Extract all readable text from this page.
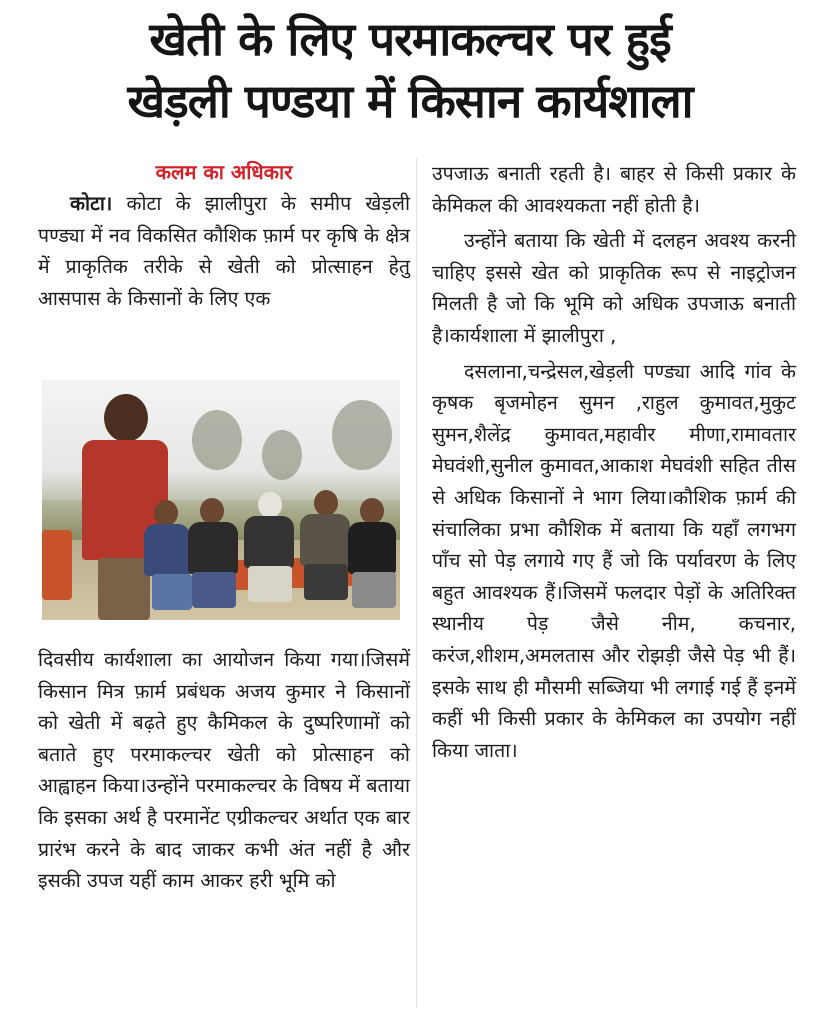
खेती के लिए परमाकल्चर पर हुई
खेड़ली पण्डया में किसान कार्यशाला
कलम का अधिकार

कोटा। कोटा के झालीपुरा के समीप खेड़ली पण्ड्या में नव विकसित कौशिक फ़ार्म पर कृषि के क्षेत्र में प्राकृतिक तरीके से खेती को प्रोत्साहन हेतु आसपास के किसानों के लिए एक

दिवसीय कार्यशाला का आयोजन किया गया।जिसमें किसान मित्र फ़ार्म प्रबंधक अजय कुमार ने किसानों को खेती में बढ़ते हुए कैमिकल के दुष्परिणामों को बताते हुए परमाकल्चर खेती को प्रोत्साहन को आह्वाहन किया।उन्होंने परमाकल्चर के विषय में बताया कि इसका अर्थ है परमानेंट एग्रीकल्चर अर्थात एक बार प्रारंभ करने के बाद जाकर कभी अंत नहीं है और इसकी उपज यहीं काम आकर हरी भूमि को

उपजाऊ बनाती रहती है। बाहर से किसी प्रकार के केमिकल की आवश्यकता नहीं होती है।

उन्होंने बताया कि खेती में दलहन अवश्य करनी चाहिए इससे खेत को प्राकृतिक रूप से नाइट्रोजन मिलती है जो कि भूमि को अधिक उपजाऊ बनाती है।कार्यशाला में झालीपुरा ,

दसलाना,चन्द्रेसल,खेड़ली पण्ड्या आदि गांव के कृषक बृजमोहन सुमन ,राहुल कुमावत,मुकुट सुमन,शैलेंद्र कुमावत,महावीर मीणा,रामावतार मेघवंशी,सुनील कुमावत,आकाश मेघवंशी सहित तीस से अधिक किसानों ने भाग लिया।कौशिक फ़ार्म की संचालिका प्रभा कौशिक में बताया कि यहाँ लगभग पाँच सो पेड़ लगाये गए हैं जो कि पर्यावरण के लिए बहुत आवश्यक हैं।जिसमें फलदार पेड़ों के अतिरिक्त स्थानीय पेड़ जैसे नीम, कचनार, करंज,शीशम,अमलतास और रोझड़ी जैसे पेड़ भी हैं।इसके साथ ही मौसमी सब्जिया भी लगाई गई हैं इनमें कहीं भी किसी प्रकार के केमिकल का उपयोग नहीं किया जाता।
